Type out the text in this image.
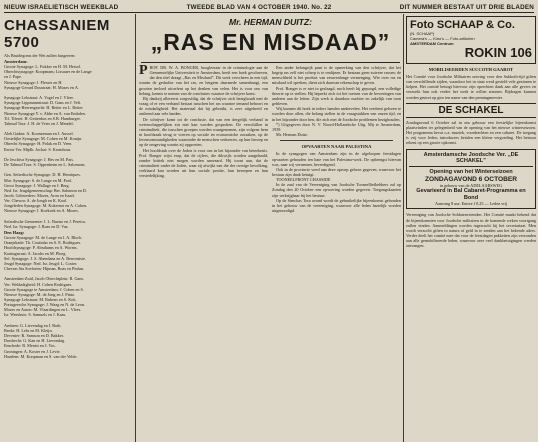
NIEUW ISRAELIETISCH WEEKBLAD	TWEEDE BLAD VAN 4 OCTOBER 1940. No. 22	DIT NUMMER BESTAAT UIT DRIE BLADEN
CHASSANIEM 5700
Als Bruidegoms der Wet zullen fungeeren:
Amsterdam:
Groote Synagoge: L. Fukker en H. M. Hessel.
Obrechtsynagoge: Koopmans; Lissauer en de Lange
en J. Pape.
Nieuwe Synagoge: J. Flesser en H.
Synagoge Gerard Doustraat: H. Mozes en A.

Synagoge Lekstraat: A. Vogel en J. Vleer.
Synagoge Lippmannstraat: D. Gans en J. Velt.
Synagoge Heerengracht: H. Reiter en L. Reiter.
Nieuwe Synagoge Y. v. Abbe en A. van Embden.
Tif. Tiferet: H. Geitenbos en S.B. Hamburger.
Talmud Tora: J. H. de Vries en J. Mendel.

Aleh Gadon: A. Koonzeman en J. Aussel.
Oostelijke Synagoge: M. Cohen en M. Konijn.
Obrecht Synagoge: H. Polak en D. Veen.
Eerste Ver. Mijdh. Jochai: S. Kromhout.

De Jeschiva Synagoge: J. Hes en M. Pais.
De Talmud Tora: S. Oppenheim en L. Salomons.

Gen. Sefardische Synagoge: D. H. Henriques.
Mor. Synagoge: S. de Lange en M. Pool.
Groot Synagoge: J. Wallage en J. Berg.
Ned. Isr. Jeugdgemeenschap: Ber. Salomon en D.
Jacob. Gebroeders: Mozes, Aron en Israel.
Ver. Chewra: A. de Jongh en K. Kool.
Jongeleden Synagoge: M. Kokernot en A. Cohen.
Nieuwe Synagoge: J. Koekoek en A. Mozes.

Sefardische Gemeente: J. L. Bueno en J. Pereira.
Ned. Isr. Synagoge: J. Boas en D. Vaz.
Den Haag:
Groote Synagoge: M. de Lange en J. A. Bloch.
Oranjekade: Th. Coutinho en S. E. Rodrigues.
Hoofdsynagoge: P. Abrahams en A. Worms.
Koningstraat: A. Jacobs en M. Ploeg.
Sef. Synagoge: J. S. Abendana en A. Benveniste.
Jeugd Synagoge: Ned. Isr. Jeugd: L. Coster.
Chevras Sia Soeforim: Hijman, Boas en Pinhas.

Amsterdam-Zuid, Jacob Obrechtplein: R. Gans.
Ver. Weldadigheid: H. Cohen Rodrigues.
Groote Synagoge te Amsterdam: J. Cohen en S.
Nieuwe Synagoge: M. de Jong en J. Pinto.
Synagoge Lekstraat: M. Rubens en S. Kok.
Portugeesche Synagoge: J. Waag en N. de Leon.
Mozes en Aaron: M. Vlaardingen en L. Vlees.
Isr. Weeshuis: S. Samuels en J. Kaas.

Arnhem: G. Lievendag en I. Roth.
Breda: H. Lehr en M. Kleijn.
Deventer: R. Samson en D. Bakker.
Dordrecht: G. Kan en H. Lievendag.
Enschede: B. Menist en J. Vos.
Groningen: A. Koster en J. Levie.
Haarlem: M. Koopman en S. van der Velde.
Mr. HERMAN DUITZ:
„RAS EN MISDAAD”

PROF. DR. W. A. BONGER, hoogleeraar in de criminologie aan de Gemeentelijke Universiteit te Amsterdam, heeft een boek geschreven, dat den titel draagt „Ras en Misdaad”. Dit werk verscheen in een tijd, waarin de gedachte van het ras, en hetgeen daarmede samenhangt, een grooten invloed uitoefent op het denken van velen. Het is voor ons van belang, kennis te nemen van de conclusies waartoe de schrijver komt.

Bij dankzij allereerst zorgvuldig, dat de schrijver zich bezighoudt met de vraag of er een verband bestaat tusschen het ras waartoe iemand behoort en de misdadigheid. Het materiaal dat hij gebruikt, is zeer uitgebreid en ontleend aan vele landen.

De schrijver komt tot de conclusie, dat van een dergelijk verband in wetenschappelijken zin niet kan worden gesproken. De verschillen in criminaliteit, die tusschen groepen worden waargenomen, zijn volgens hem in hoofdzaak terug te voeren op sociale en economische oorzaken, op de levensomstandigheden waaronder de menschen verkeeren, op hun beroep en op de omgeving waarin zij opgroeien.

Het hoofdstuk over de Joden is voor ons in het bijzonder van beteekenis. Prof. Bonger wijst erop, dat de cijfers, die dikwijls worden aangehaald, zonder kritiek niet mogen worden aanvaard. Hij toont aan, dat de criminaliteit onder de Joden, waar zij afwijkt van die der overige bevolking, verklaard kan worden uit hun sociale positie, hun beroepen en hun verstedelijking.

Een ander belangrijk punt is de opmerking van den schrijver, dat het begrip ras zelf niet scherp is te omlijnen. Er bestaan geen zuivere rassen; de menschheid is het product van eeuwenlange vermenging. Wie over ras en misdaad wil spreken, dient zich daarvan rekenschap te geven.

Prof. Bonger is er niet in geslaagd, noch heeft hij gepoogd, een volledige theorie op te stellen. Hij beperkt zich tot het toetsen van de beweringen van anderen aan de feiten. Zijn werk is daardoor nuchter en zakelijk van toon gebleven.

Wij kunnen dit boek in ieders handen aanbevelen. Het verdient gelezen te worden door allen, die belang stellen in de vraagstukken van onzen tijd, en in het bijzonder door hen, die zich met de Joodsche problemen bezighouden.

*) Uitgegeven door N. V. Noord-Hollandsche Uitg. Mij te Amsterdam, 1939.

Mr. Herman Duitz.

OPVAARTEN NAAR PALESTINA

In de synagogen van Amsterdam zijn in de afgeloopen feestdagen opvaarten gehouden ten bate van het Palestina-werk. De opbrengst hiervan was, naar wij vernemen, bevredigend.

Ook in de provincie werd aan deze oproep gehoor gegeven, waarvoor het bestuur zijn dank betuigt.

TOONEELFRONT CHASSIDE

In de zaal van de Vereeniging van Joodsche Tooneelliefhebbers zal op Zondag den 20 October een opvoering worden gegeven. Toegangskaarten zijn verkrijgbaar bij het bestuur.

Op de Simchas Tora avond wordt de gebruikelijke bijeenkomst gehouden in het gebouw van de vereeniging, waarvoor alle leden hartelijk worden uitgenoodigd.

Foto SCHAAP & Co.
(N. SCHAAP)
Camera's — Kino's — Foto-artikelen
AMSTERDAM Centrum
ROKIN 106
MOBILISEERDEN SUCCOTH GAAROT
Het Comité voor Joodsche Militairen ontving voor den Sukkoth-tijd giften van verschillende zijden, waardoor het in staat werd gesteld vele gezinnen te helpen. Het comité betuigt hiervoor zijn oprechten dank aan alle gevers en verzoekt hun ook verder het werk te willen steunen. Bijdragen kunnen worden gestort op giro ten name van den penningmeester.
DE SCHAKEL
Zondagavond 6 October zal in ons gebouw een feestelijke bijeenkomst plaatsvinden ter gelegenheid van de opening van het nieuwe winterseizoen. Het programma bevat o.a. muziek, voordrachten en een cabaret. De toegang is vrij voor leden; introducees betalen een kleine vergoeding. Het bestuur rekent op een groote opkomst.
Amsterdamsche Joodsche Ver. „DE SCHAKEL”
Opening van het Winterseizoen
ZONDAGAVOND 6 OCTOBER
in gebouw van de ADELAARSWEG
Gevarieerd in Bal Cabaret-Programma en Bond
Aanvang 8 uur. Entree f 0,25 — Leden vrij
Vereeniging van Joodsche Soldatenvrienden. Het Comité maakt bekend dat de bijeenkomsten voor Joodsche militairen in de komende weken voortgang zullen vinden. Aanmeldingen worden ingewacht bij het secretariaat. Men wordt verzocht giften in natura of geld in te zenden aan het bekende adres. Verder deelt het comité mee dat voor de feestdagen pakketten zijn verzonden aan alle gemobiliseerde leden, waarvoor zeer veel dankbetuigingen werden ontvangen.
